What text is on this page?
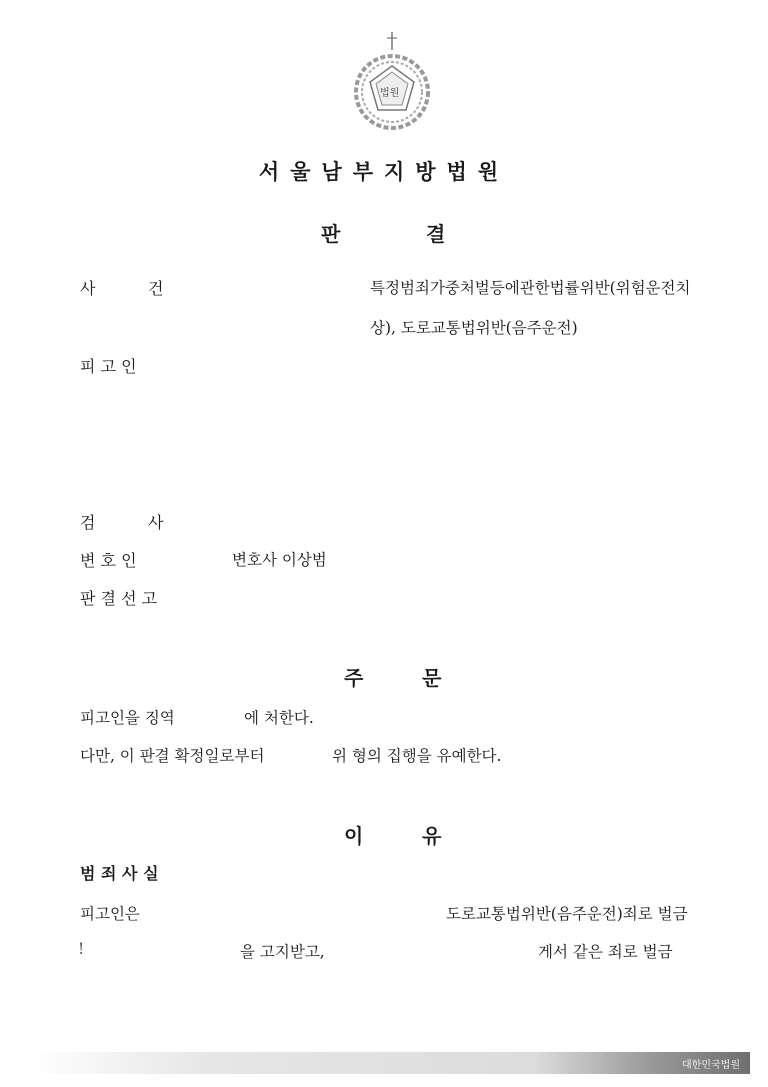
법원
서울남부지방법원
판	결
사	건	특정범죄가중처벌등에관한법률위반(위험운전치
상), 도로교통법위반(음주운전)
피 고 인
검	사
변 호 인	변호사 이상범
판 결 선 고
주	문
피고인을 징역	에 처한다.
다만, 이 판결 확정일로부터	위 형의 집행을 유예한다.
이	유
범 죄 사 실
피고인은	도로교통법위반(음주운전)죄로 벌금
!	을 고지받고,	게서 같은 죄로 벌금
대한민국법원
